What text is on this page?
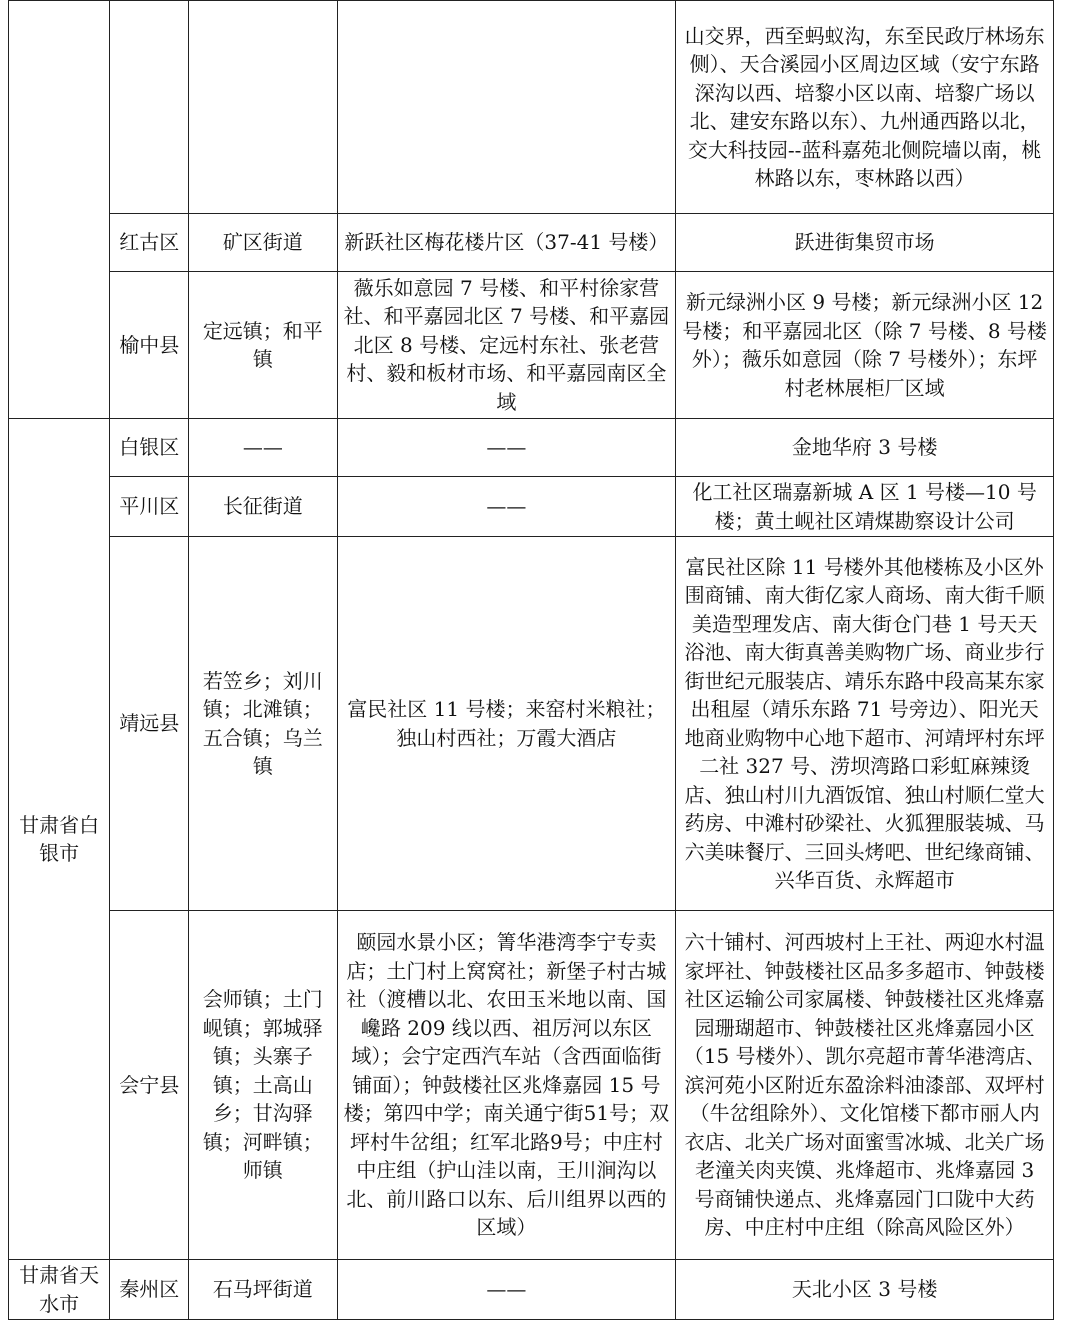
				山交界，西至蚂蚁沟，东至民政厅林场东侧）、天合溪园小区周边区域（安宁东路深沟以西、培黎小区以南、培黎广场以北、建安东路以东）、九州通西路以北，交大科技园--蓝科嘉苑北侧院墙以南，桃林路以东，枣林路以西）
	红古区	矿区街道	新跃社区梅花楼片区（37-41 号楼）	跃进街集贸市场
	榆中县	定远镇；和平镇	薇乐如意园 7 号楼、和平村徐家营社、和平嘉园北区 7 号楼、和平嘉园北区 8 号楼、定远村东社、张老营村、毅和板材市场、和平嘉园南区全域	新元绿洲小区 9 号楼；新元绿洲小区 12 号楼；和平嘉园北区（除 7 号楼、8 号楼外）；薇乐如意园（除 7 号楼外）；东坪村老林展柜厂区域
甘肃省白银市	白银区	——	——	金地华府 3 号楼
	平川区	长征街道	——	化工社区瑞嘉新城 A 区 1 号楼—10 号楼；黄土岘社区靖煤勘察设计公司
	靖远县	若笠乡；刘川镇；北滩镇；五合镇；乌兰镇	富民社区 11 号楼；来窑村米粮社；独山村西社；万霞大酒店	富民社区除 11 号楼外其他楼栋及小区外围商铺、南大街亿家人商场、南大街千顺美造型理发店、南大街仓门巷 1 号天天浴池、南大街真善美购物广场、商业步行街世纪元服装店、靖乐东路中段高某东家出租屋（靖乐东路 71 号旁边）、阳光天地商业购物中心地下超市、河靖坪村东坪二社 327 号、涝坝湾路口彩虹麻辣烫店、独山村川九酒饭馆、独山村顺仁堂大药房、中滩村砂梁社、火狐狸服装城、马六美味餐厅、三回头烤吧、世纪缘商铺、兴华百货、永辉超市
	会宁县	会师镇；土门岘镇；郭城驿镇；头寨子镇；土高山乡；甘沟驿镇；河畔镇；师镇	颐园水景小区；箐华港湾李宁专卖店；土门村上窝窝社；新堡子村古城社（渡槽以北、农田玉米地以南、国巉路 209 线以西、祖厉河以东区域）；会宁定西汽车站（含西面临街铺面）；钟鼓楼社区兆烽嘉园 15 号楼；第四中学；南关通宁街51号；双坪村牛岔组；红军北路9号；中庄村中庄组（护山洼以南，王川涧沟以北、前川路口以东、后川组界以西的区域）	六十铺村、河西坡村上王社、两迎水村温家坪社、钟鼓楼社区品多多超市、钟鼓楼社区运输公司家属楼、钟鼓楼社区兆烽嘉园珊瑚超市、钟鼓楼社区兆烽嘉园小区（15 号楼外）、凯尔亮超市菁华港湾店、滨河苑小区附近东盈涂料油漆部、双坪村（牛岔组除外）、文化馆楼下都市丽人内衣店、北关广场对面蜜雪冰城、北关广场老潼关肉夹馍、兆烽超市、兆烽嘉园 3 号商铺快递点、兆烽嘉园门口陇中大药房、中庄村中庄组（除高风险区外）
甘肃省天水市	秦州区	石马坪街道	——	天北小区 3 号楼
